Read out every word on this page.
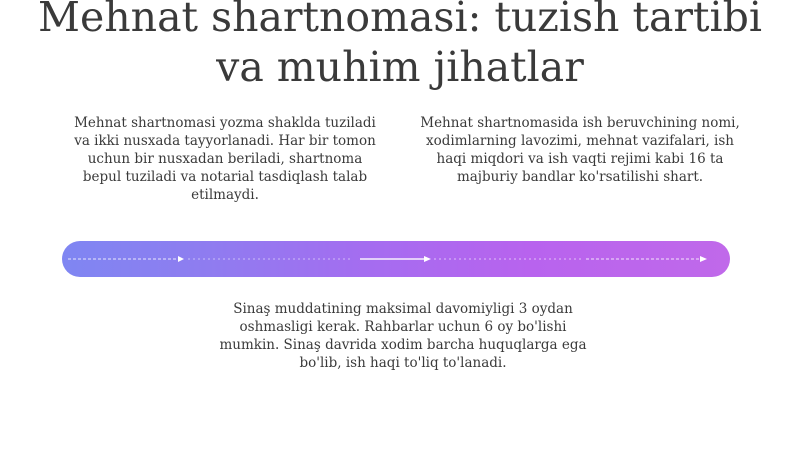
Mehnat shartnomasi: tuzish tartibi
va muhim jihatlar
Mehnat shartnomasi yozma shaklda tuziladi va ikki nusxada tayyorlanadi. Har bir tomon uchun bir nusxadan beriladi, shartnoma bepul tuziladi va notarial tasdiqlash talab etilmaydi.
Mehnat shartnomasida ish beruvchining nomi, xodimlarning lavozimi, mehnat vazifalari, ish haqi miqdori va ish vaqti rejimi kabi 16 ta majburiy bandlar ko'rsatilishi shart.
Sinaş muddatining maksimal davomiyligi 3 oydan oshmasligi kerak. Rahbarlar uchun 6 oy bo'lishi mumkin. Sinaş davrida xodim barcha huquqlarga ega bo'lib, ish haqi to'liq to'lanadi.
